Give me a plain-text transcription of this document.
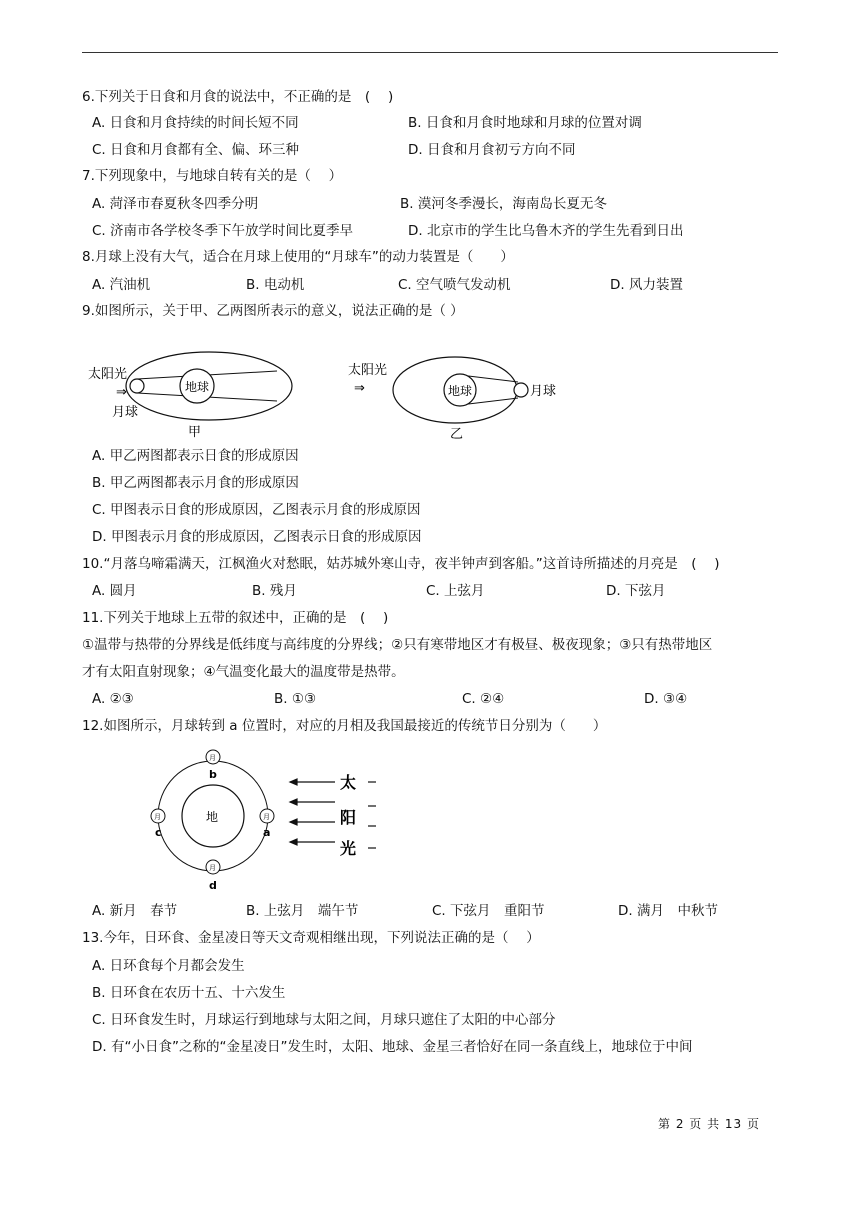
6.下列关于日食和月食的说法中，不正确的是　(　 )
A. 日食和月食持续的时间长短不同	B. 日食和月食时地球和月球的位置对调
C. 日食和月食都有全、偏、环三种	D. 日食和月食初亏方向不同
7.下列现象中，与地球自转有关的是（　 ）
A. 菏泽市春夏秋冬四季分明	B. 漠河冬季漫长，海南岛长夏无冬
C. 济南市各学校冬季下午放学时间比夏季早	D. 北京市的学生比乌鲁木齐的学生先看到日出
8.月球上没有大气，适合在月球上使用的“月球车”的动力装置是（　　）
A. 汽油机	B. 电动机	C. 空气喷气发动机	D. 风力装置
9.如图所示，关于甲、乙两图所表示的意义，说法正确的是（ ）
太阳光
⇒	地球
月球
甲
太阳光
⇒	地球	月球
乙
A. 甲乙两图都表示日食的形成原因
B. 甲乙两图都表示月食的形成原因
C. 甲图表示日食的形成原因，乙图表示月食的形成原因
D. 甲图表示月食的形成原因，乙图表示日食的形成原因
10.“月落乌啼霜满天，江枫渔火对愁眠，姑苏城外寒山寺，夜半钟声到客船。”这首诗所描述的月亮是　(　 )
A. 圆月	B. 残月	C. 上弦月	D. 下弦月
11.下列关于地球上五带的叙述中，正确的是　(　 )
①温带与热带的分界线是低纬度与高纬度的分界线；②只有寒带地区才有极昼、极夜现象；③只有热带地区
才有太阳直射现象；④气温变化最大的温度带是热带。
A. ②③	B. ①③	C. ②④	D. ③④
12.如图所示，月球转到 a 位置时，对应的月相及我国最接近的传统节日分别为（　　）
地
月
b
月
d
月
c
月
a
太
阳
光
A. 新月　春节	B. 上弦月　端午节	C. 下弦月　重阳节	D. 满月　中秋节
13.今年，日环食、金星凌日等天文奇观相继出现，下列说法正确的是（　 ）
A. 日环食每个月都会发生
B. 日环食在农历十五、十六发生
C. 日环食发生时，月球运行到地球与太阳之间，月球只遮住了太阳的中心部分
D. 有“小日食”之称的“金星凌日”发生时，太阳、地球、金星三者恰好在同一条直线上，地球位于中间
第 2 页 共 13 页
